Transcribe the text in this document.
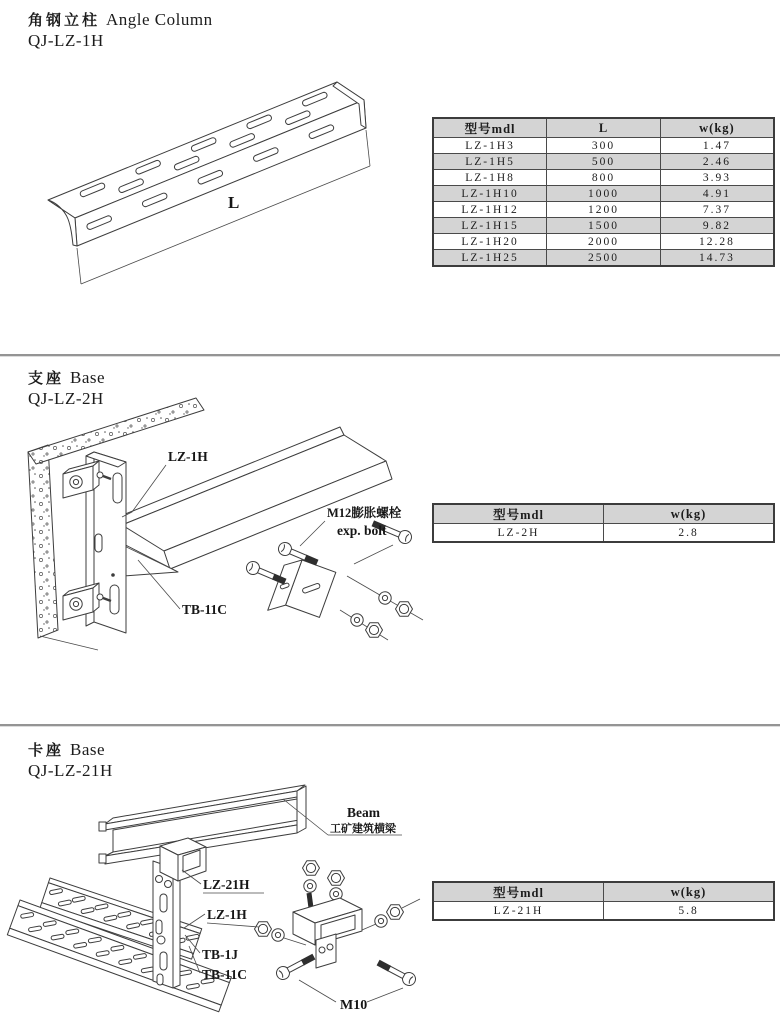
角钢立柱 Angle Column
QJ-LZ-1H
L
型号mdl	L	w(kg)
LZ-1H3	300	1.47
LZ-1H5	500	2.46
LZ-1H8	800	3.93
LZ-1H10	1000	4.91
LZ-1H12	1200	7.37
LZ-1H15	1500	9.82
LZ-1H20	2000	12.28
LZ-1H25	2500	14.73
支座 Base
QJ-LZ-2H
LZ-1H
M12膨胀螺栓
exp. bolt
TB-11C
型号mdl	w(kg)
LZ-2H	2.8
卡座 Base
QJ-LZ-21H
LZ-21H
LZ-1H
TB-1J
TB-11C
Beam
工矿建筑横梁
M10
型号mdl	w(kg)
LZ-21H	5.8
